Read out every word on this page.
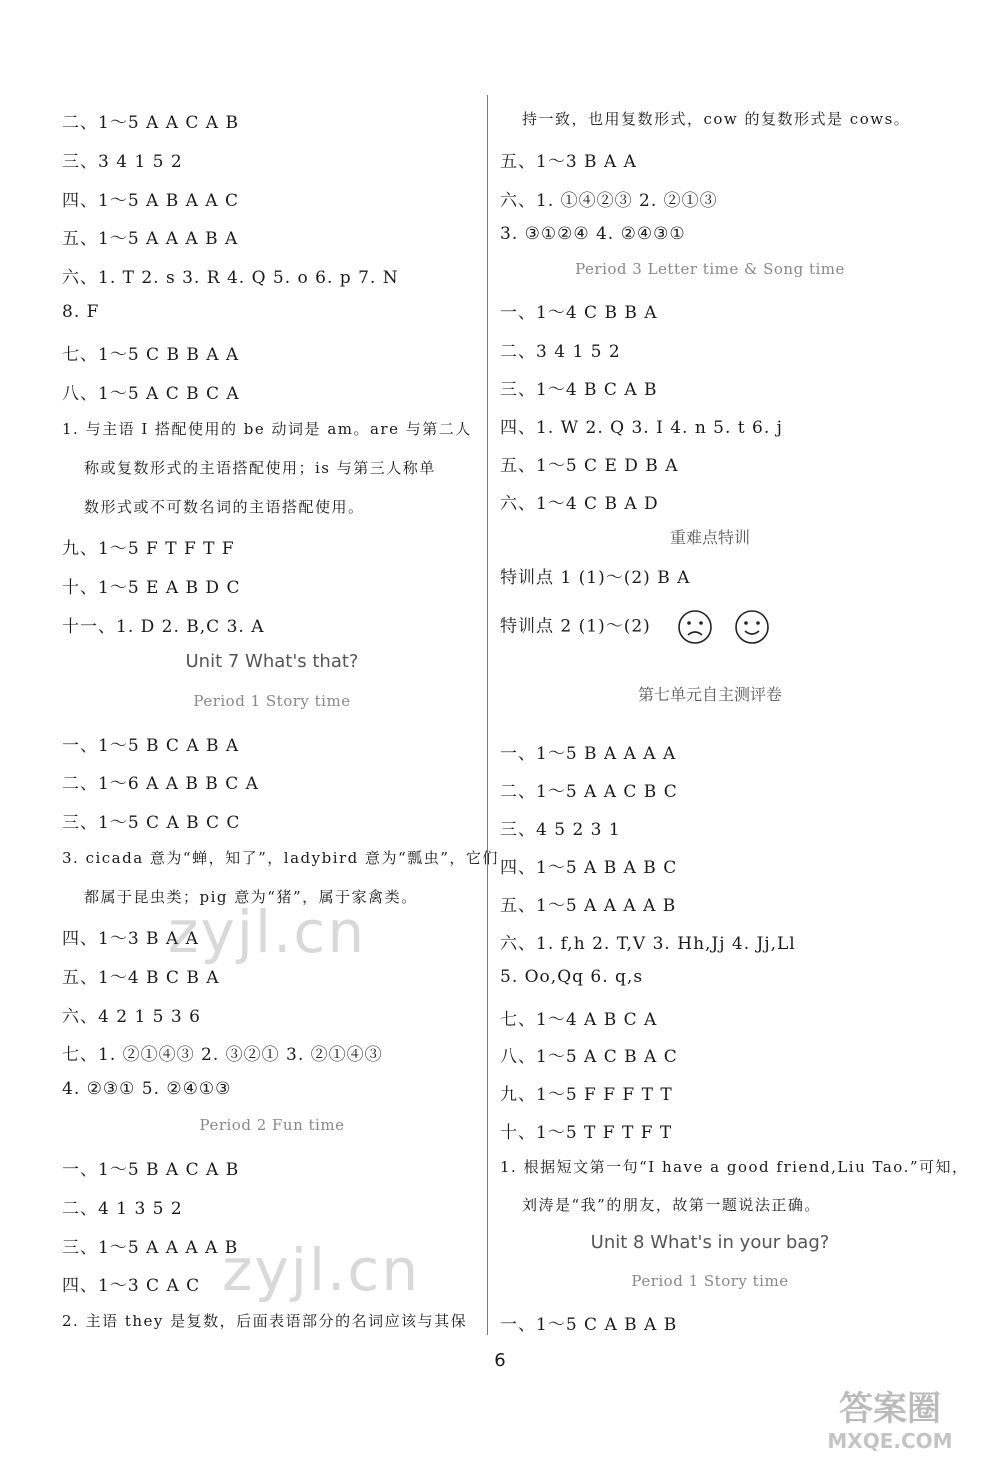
二、1～5 A A C A B
三、3 4 1 5 2
四、1～5 A B A A C
五、1～5 A A A B A
六、1. T 2. s 3. R 4. Q 5. o 6. p 7. N
8. F
七、1～5 C B B A A
八、1～5 A C B C A
1. 与主语 I 搭配使用的 be 动词是 am。are 与第二人
称或复数形式的主语搭配使用；is 与第三人称单
数形式或不可数名词的主语搭配使用。
九、1～5 F T F T F
十、1～5 E A B D C
十一、1. D 2. B,C 3. A
Unit 7 What's that?
Period 1 Story time
一、1～5 B C A B A
二、1～6 A A B B C A
三、1～5 C A B C C
3. cicada 意为“蝉，知了”，ladybird 意为“瓢虫”，它们
都属于昆虫类；pig 意为“猪”，属于家禽类。
四、1～3 B A A
五、1～4 B C B A
六、4 2 1 5 3 6
七、1. ②①④③ 2. ③②① 3. ②①④③
4. ②③① 5. ②④①③
Period 2 Fun time
一、1～5 B A C A B
二、4 1 3 5 2
三、1～5 A A A A B
四、1～3 C A C
2. 主语 they 是复数，后面表语部分的名词应该与其保
持一致，也用复数形式，cow 的复数形式是 cows。
五、1～3 B A A
六、1. ①④②③ 2. ②①③
3. ③①②④ 4. ②④③①
Period 3 Letter time & Song time
一、1～4 C B B A
二、3 4 1 5 2
三、1～4 B C A B
四、1. W 2. Q 3. I 4. n 5. t 6. j
五、1～5 C E D B A
六、1～4 C B A D
重难点特训
特训点 1 (1)～(2) B A
特训点 2 (1)～(2)
第七单元自主测评卷
一、1～5 B A A A A
二、1～5 A A C B C
三、4 5 2 3 1
四、1～5 A B A B C
五、1～5 A A A A B
六、1. f,h 2. T,V 3. Hh,Jj 4. Jj,Ll
5. Oo,Qq 6. q,s
七、1～4 A B C A
八、1～5 A C B A C
九、1～5 F F F T T
十、1～5 T F T F T
1. 根据短文第一句“I have a good friend,Liu Tao.”可知，
刘涛是“我”的朋友，故第一题说法正确。
Unit 8 What's in your bag?
Period 1 Story time
一、1～5 C A B A B
6
zyjl.cn
zyjl.cn
答案圈
MXQE.COM
